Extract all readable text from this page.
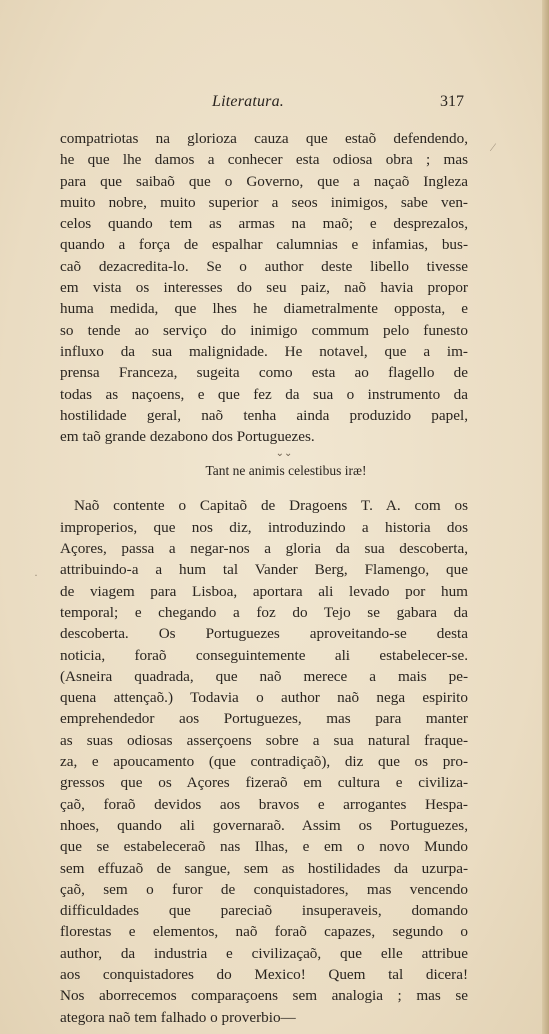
Literatura.	317
⁄
·
compatriotas na glorioza cauza que estaõ defendendo,
he que lhe damos a conhecer esta odiosa obra ; mas
para que saibaõ que o Governo, que a naçaõ Ingleza
muito nobre, muito superior a seos inimigos, sabe ven-
celos quando tem as armas na maõ; e desprezalos,
quando a força de espalhar calumnias e infamias, bus-
caõ dezacredita-lo. Se o author deste libello tivesse
em vista os interesses do seu paiz, naõ havia propor
huma medida, que lhes he diametralmente opposta, e
so tende ao serviço do inimigo commum pelo funesto
influxo da sua malignidade. He notavel, que a im-
prensa Franceza, sugeita como esta ao flagello de
todas as naçoens, e que fez da sua o instrumento da
hostilidade geral, naõ tenha ainda produzido papel,
em taõ grande dezabono dos Portuguezes.
⌄⌄
Tant ne animis celestibus iræ!
Naõ contente o Capitaõ de Dragoens T. A. com os
improperios, que nos diz, introduzindo a historia dos
Açores, passa a negar-nos a gloria da sua descoberta,
attribuindo-a a hum tal Vander Berg, Flamengo, que
de viagem para Lisboa, aportara ali levado por hum
temporal; e chegando a foz do Tejo se gabara da
descoberta. Os Portuguezes aproveitando-se desta
noticia, foraõ conseguintemente ali estabelecer-se.
(Asneira quadrada, que naõ merece a mais pe-
quena attençaõ.) Todavia o author naõ nega espirito
emprehendedor aos Portuguezes, mas para manter
as suas odiosas asserçoens sobre a sua natural fraque-
za, e apoucamento (que contradiçaõ), diz que os pro-
gressos que os Açores fizeraõ em cultura e civiliza-
çaõ, foraõ devidos aos bravos e arrogantes Hespa-
nhoes, quando ali governaraõ. Assim os Portuguezes,
que se estabeleceraõ nas Ilhas, e em o novo Mundo
sem effuzaõ de sangue, sem as hostilidades da uzurpa-
çaõ, sem o furor de conquistadores, mas vencendo
difficuldades que pareciaõ insuperaveis, domando
florestas e elementos, naõ foraõ capazes, segundo o
author, da industria e civilizaçaõ, que elle attribue
aos conquistadores do Mexico! Quem tal dicera!
Nos aborrecemos comparaçoens sem analogia ; mas se
ategora naõ tem falhado o proverbio—
